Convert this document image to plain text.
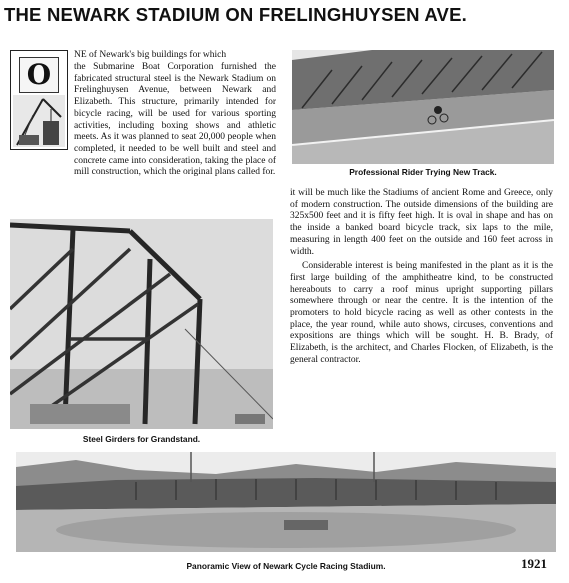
THE NEWARK STADIUM ON FRELINGHUYSEN AVE.
O

NE of Newark's big buildings for which

the Submarine Boat Corporation furnished the fabricated structural steel is the Newark Stadium on Frelinghuysen Avenue, between Newark and Elizabeth. This structure, primarily intended for bicycle racing, will be used for various sporting activities, including boxing shows and athletic meets. As it was planned to seat 20,000 people when completed, it needed to be well built and steel and concrete came into consideration, taking the place of mill construction, which the original plans called for.	Professional Rider Trying New Track.
Steel Girders for Grandstand.

it will be much like the Stadiums of ancient Rome and Greece, only of modern construction. The outside dimensions of the building are 325x500 feet and it is fifty feet high. It is oval in shape and has on the inside a banked board bicycle track, six laps to the mile, measuring in length 400 feet on the outside and 160 feet across in width.

Considerable interest is being manifested in the plant as it is the first large building of the amphitheatre kind, to be constructed hereabouts to carry a roof minus upright supporting pillars somewhere through or near the centre. It is the intention of the promoters to hold bicycle racing as well as other contests in the place, the year round, while auto shows, circuses, conventions and expositions are things which will be sought. H. B. Brady, of Elizabeth, is the architect, and Charles Flocken, of Elizabeth, is the general contractor.

Panoramic View of Newark Cycle Racing Stadium.	1921
